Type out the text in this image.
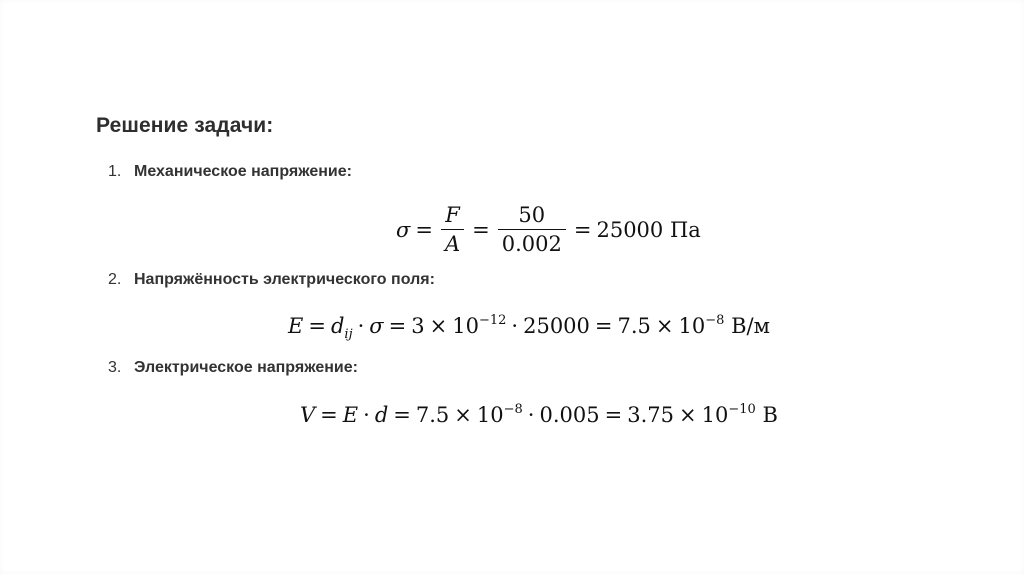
Решение задачи:
1. Механическое напряжение:
$\sigma = \frac{F}{A} = \frac{50}{0.002} = 25000$
Па
2. Напряжённость электрического поля:
$E = d_{ij} \cdot \sigma = 3 \times 10^{-12} \cdot 25000 = 7.5 \times 10^{-8}$ В/м
3. Электрическое напряжение:
$V = E \cdot d = 7.5 \times 10^{-8} \cdot 0.005 = 3.75 \times 10^{-10}$ В
